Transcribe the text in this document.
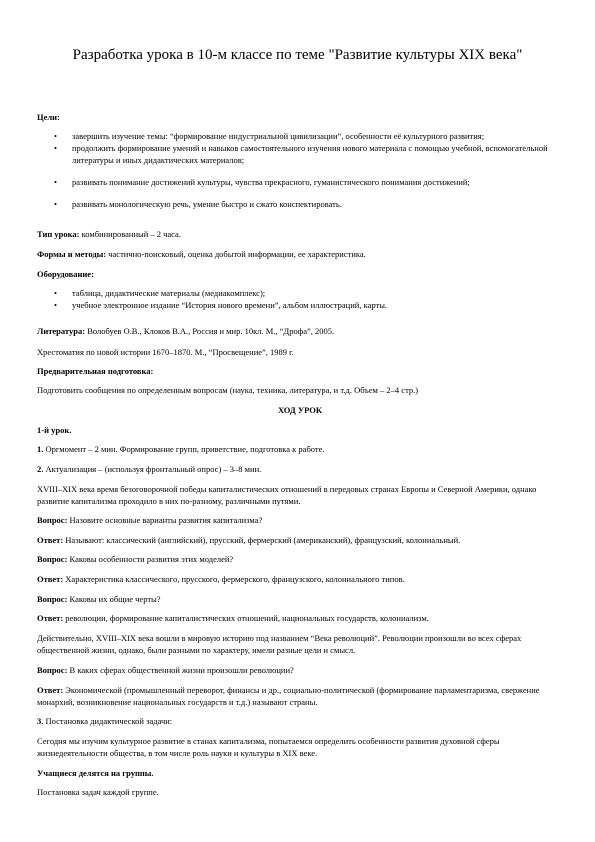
Разработка урока в 10-м классе по теме "Развитие культуры XIX века"

Цели:

• завершить изучение темы: “формирование индустриальной цивилизации”, особенности её культурного развития;
• продолжить формирование умений и навыков самостоятельного изучения нового материала с помощью учебной, вспомогательной литературы и иных дидактических материалов;
• развивать понимание достижений культуры, чувства прекрасного, гуманистического понимания достижений;
• развивать монологическую речь, умение быстро и сжато конспектировать.

Тип урока: комбинированный – 2 часа.

Формы и методы: частично-поисковый, оценка добытой информации, ее характеристика.

Оборудование:

• таблица, дидактические материалы (медиакомплекс);
• учебное электронное издание “История нового времени”, альбом иллюстраций, карты.

Литература: Волобуев О.В., Клоков В.А., Россия и мир. 10кл. М., “Дрофа”, 2005.

Хрестоматия по новой истории 1670–1870. М., “Просвещение”, 1989 г.

Предварительная подготовка:

Подготовить сообщения по определенным вопросам (наука, техника, литература, и т.д. Объем – 2–4 стр.)

ХОД УРОК

1-й урок.

1. Оргмомент – 2 мин. Формирование групп, приветствие, подготовка к работе.

2. Актуализация – (используя фронтальный опрос) – 3–8 мин.

XVIII–XIX века время безоговорочной победы капиталистических отношений в передовых странах Европы и Северной Америки, однако развитие капитализма проходило в них по-разному, различными путями.

Вопрос: Назовите основные варианты развития капитализма?

Ответ: Называют: классический (английский), прусский, фермерский (американский), французский, колониальный.

Вопрос: Каковы особенности развития этих моделей?

Ответ: Характеристика классического, прусского, фермерского, французского, колониального типов.

Вопрос: Каковы их общие черты?

Ответ: революции, формирование капиталистических отношений, национальных государств, колониализм.

Действительно, XVIII–XIX века вошли в мировую историю под названием “Века революций”. Революции произошли во всех сферах общественной жизни, однако, были разными по характеру, имели разные цели и смысл.

Вопрос: В каких сферах общественной жизни произошли революции?

Ответ: Экономической (промышленный переворот, финансы и др., социально-политической (формирование парламентаризма, свержение монархий, возникновение национальных государств и т.д.) называют страны.

3. Постановка дидактической задачи:

Сегодня мы изучим культурное развитие в станах капитализма, попытаемся определить особенности развития духовной сферы жизнедеятельности общества, в том числе роль науки и культуры в XIX веке.

Учащиеся делятся на группы.

Постановка задач каждой группе.
